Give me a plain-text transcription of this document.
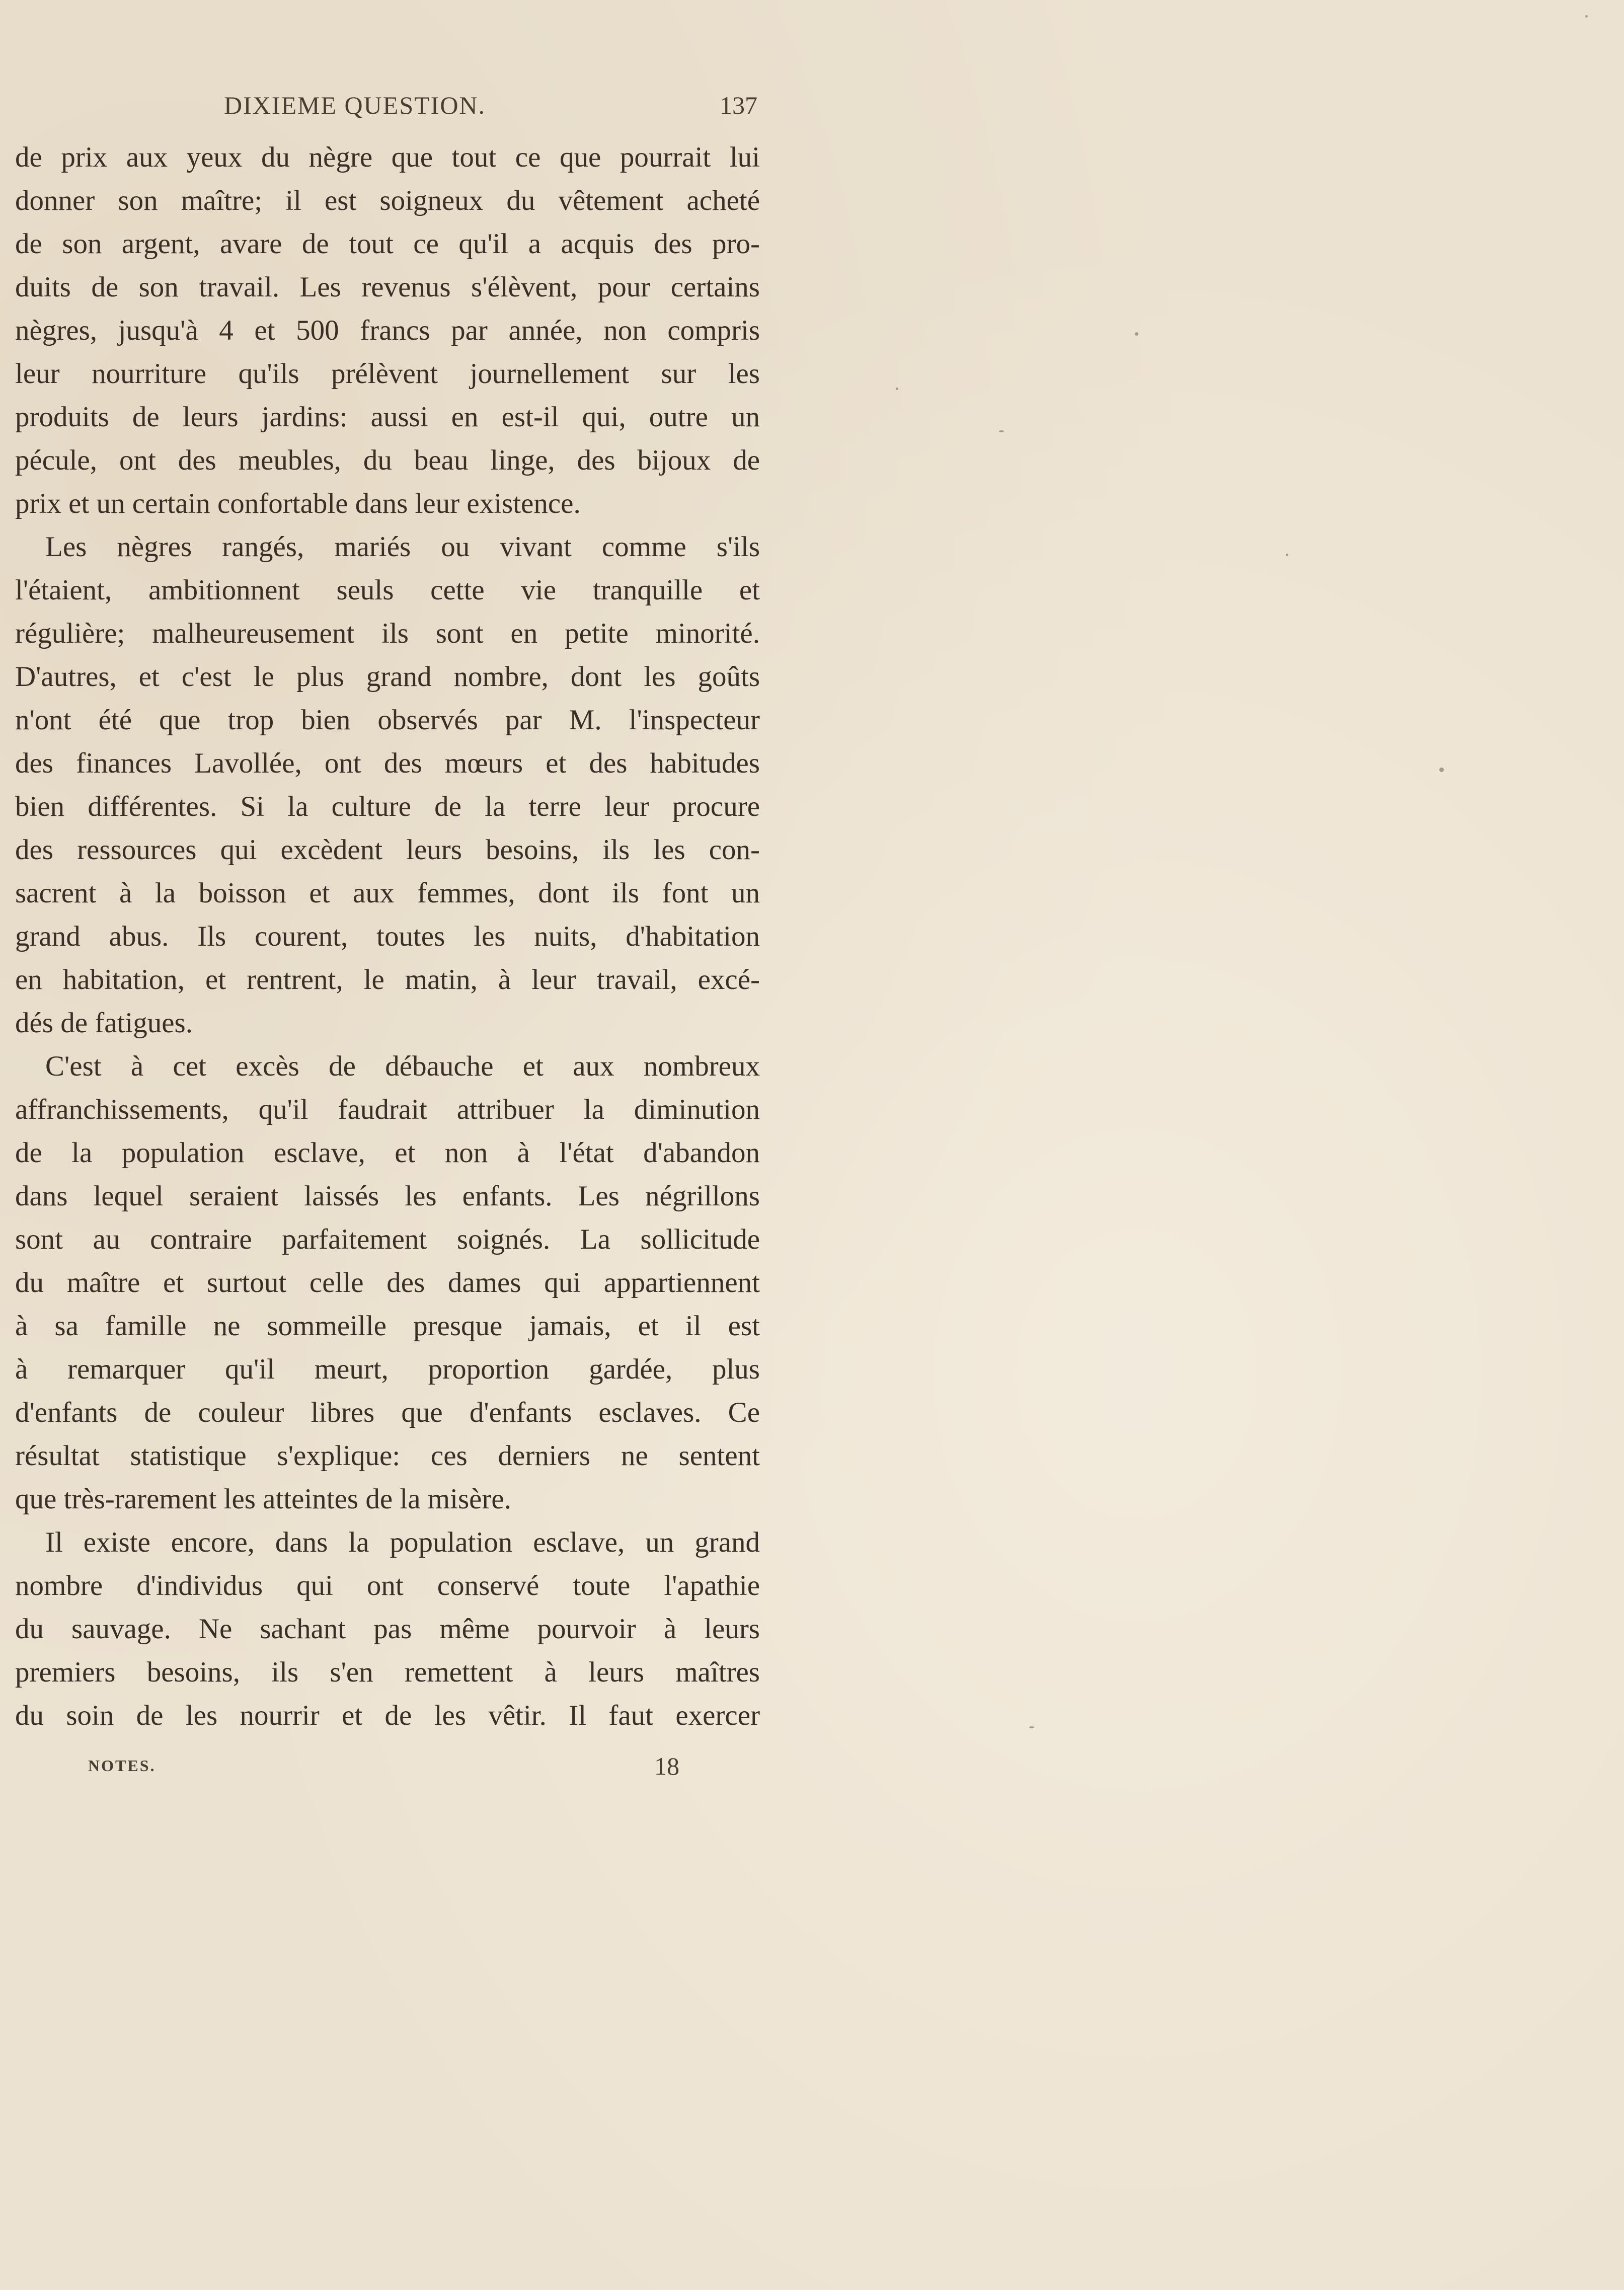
DIXIEME QUESTION.	137
de prix aux yeux du nègre que tout ce que pourrait lui
donner son maître; il est soigneux du vêtement acheté
de son argent, avare de tout ce qu'il a acquis des pro-
duits de son travail. Les revenus s'élèvent, pour certains
nègres, jusqu'à 4 et 500 francs par année, non compris
leur nourriture qu'ils prélèvent journellement sur les
produits de leurs jardins: aussi en est-il qui, outre un
pécule, ont des meubles, du beau linge, des bijoux de
prix et un certain confortable dans leur existence.
Les nègres rangés, mariés ou vivant comme s'ils
l'étaient, ambitionnent seuls cette vie tranquille et
régulière; malheureusement ils sont en petite minorité.
D'autres, et c'est le plus grand nombre, dont les goûts
n'ont été que trop bien observés par M. l'inspecteur
des finances Lavollée, ont des mœurs et des habitudes
bien différentes. Si la culture de la terre leur procure
des ressources qui excèdent leurs besoins, ils les con-
sacrent à la boisson et aux femmes, dont ils font un
grand abus. Ils courent, toutes les nuits, d'habitation
en habitation, et rentrent, le matin, à leur travail, excé-
dés de fatigues.
C'est à cet excès de débauche et aux nombreux
affranchissements, qu'il faudrait attribuer la diminution
de la population esclave, et non à l'état d'abandon
dans lequel seraient laissés les enfants. Les négrillons
sont au contraire parfaitement soignés. La sollicitude
du maître et surtout celle des dames qui appartiennent
à sa famille ne sommeille presque jamais, et il est
à remarquer qu'il meurt, proportion gardée, plus
d'enfants de couleur libres que d'enfants esclaves. Ce
résultat statistique s'explique: ces derniers ne sentent
que très-rarement les atteintes de la misère.
Il existe encore, dans la population esclave, un grand
nombre d'individus qui ont conservé toute l'apathie
du sauvage. Ne sachant pas même pourvoir à leurs
premiers besoins, ils s'en remettent à leurs maîtres
du soin de les nourrir et de les vêtir. Il faut exercer
NOTES.	18
